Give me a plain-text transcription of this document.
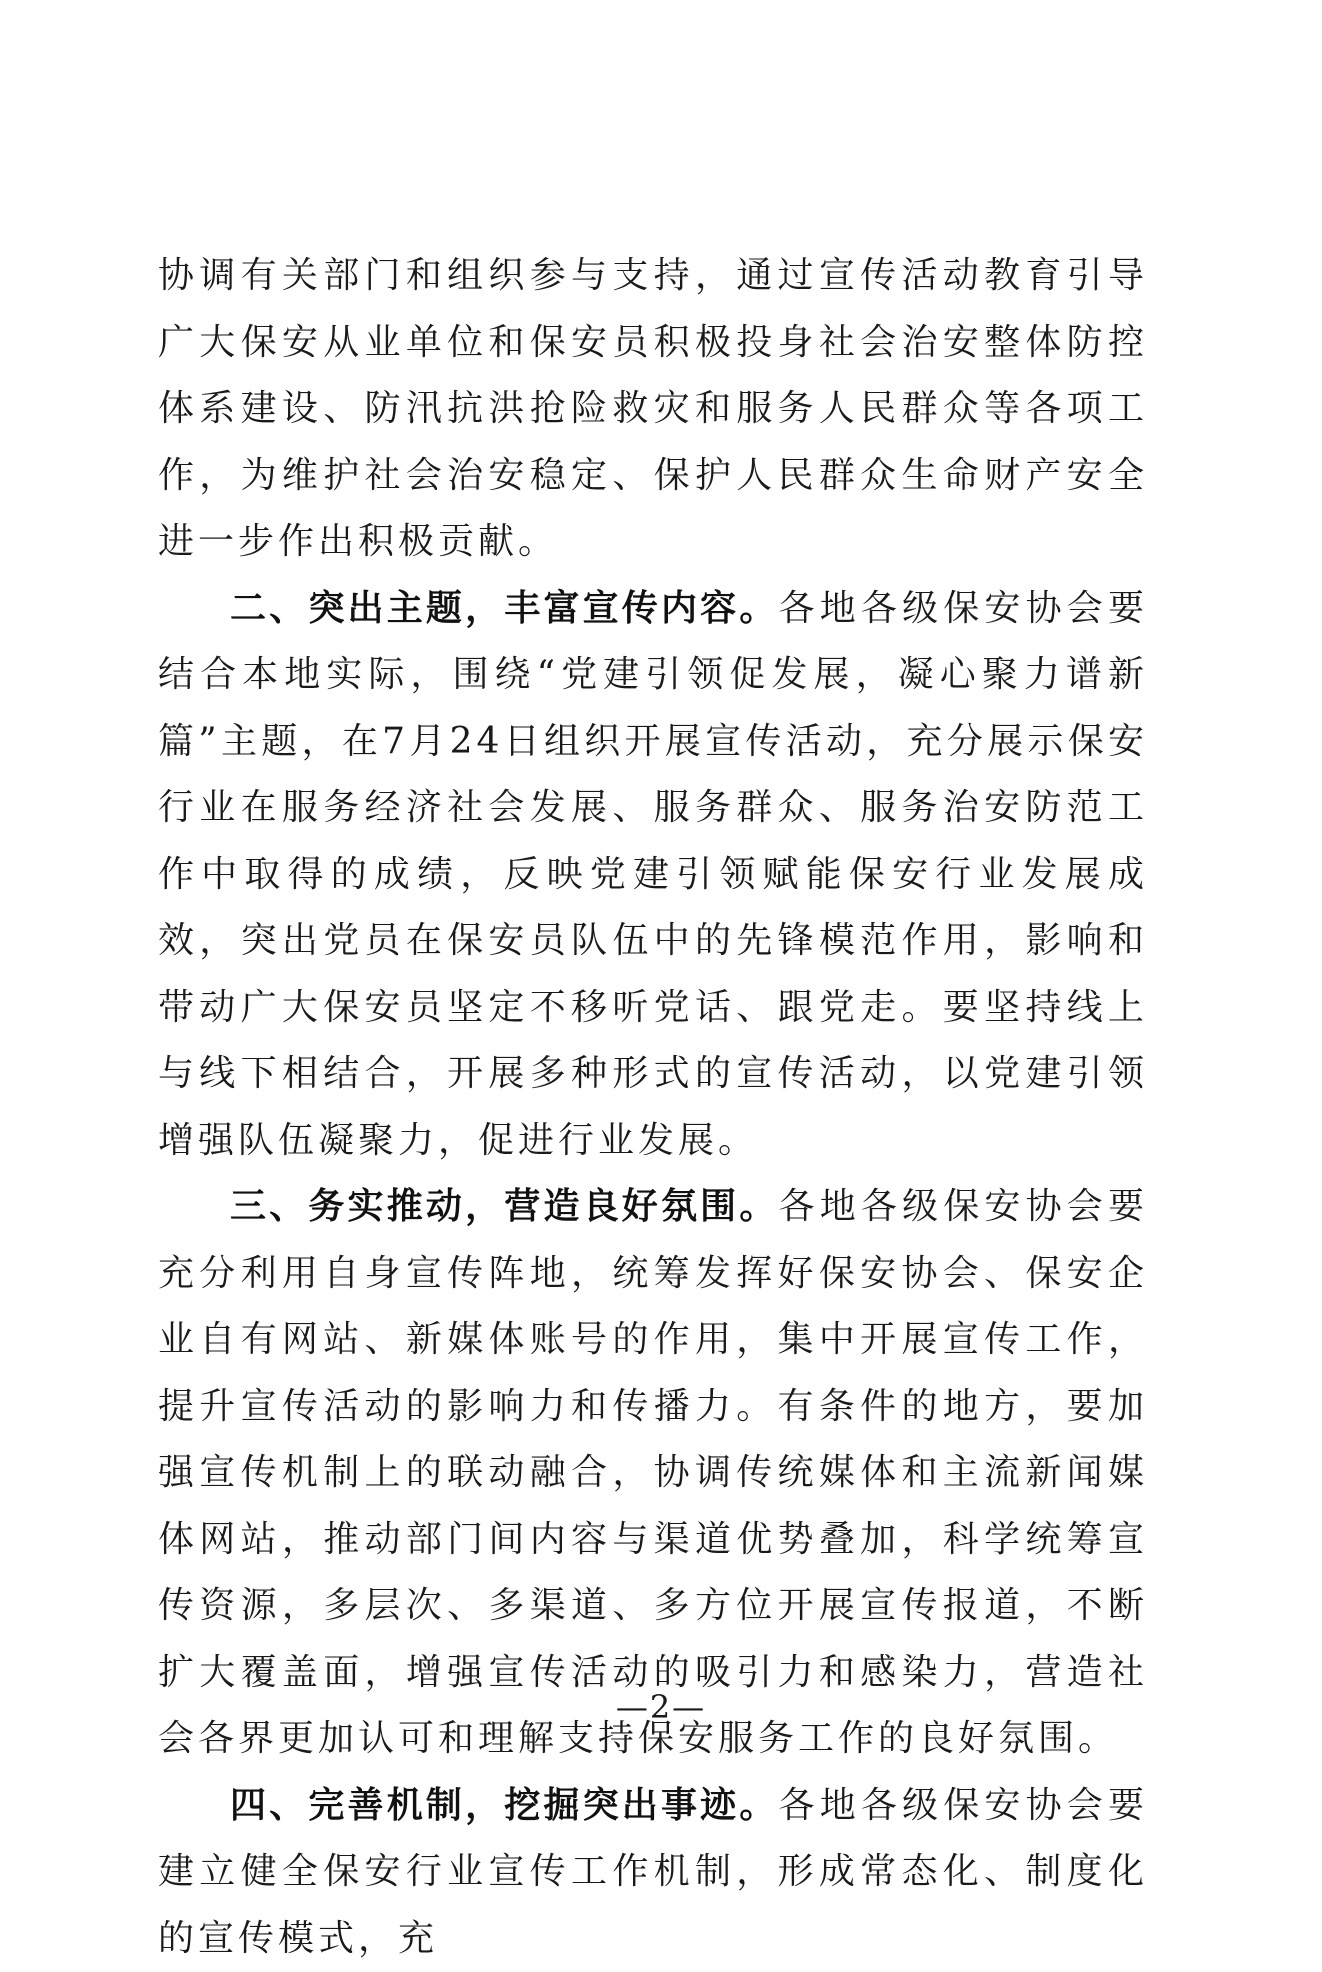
协调有关部门和组织参与支持，通过宣传活动教育引导广大保安从业单位和保安员积极投身社会治安整体防控体系建设、防汛抗洪抢险救灾和服务人民群众等各项工作，为维护社会治安稳定、保护人民群众生命财产安全进一步作出积极贡献。

二、突出主题，丰富宣传内容。各地各级保安协会要结合本地实际，围绕“党建引领促发展，凝心聚力谱新篇”主题，在7月24日组织开展宣传活动，充分展示保安行业在服务经济社会发展、服务群众、服务治安防范工作中取得的成绩，反映党建引领赋能保安行业发展成效，突出党员在保安员队伍中的先锋模范作用，影响和带动广大保安员坚定不移听党话、跟党走。要坚持线上与线下相结合，开展多种形式的宣传活动，以党建引领增强队伍凝聚力，促进行业发展。

三、务实推动，营造良好氛围。各地各级保安协会要充分利用自身宣传阵地，统筹发挥好保安协会、保安企业自有网站、新媒体账号的作用，集中开展宣传工作，提升宣传活动的影响力和传播力。有条件的地方，要加强宣传机制上的联动融合，协调传统媒体和主流新闻媒体网站，推动部门间内容与渠道优势叠加，科学统筹宣传资源，多层次、多渠道、多方位开展宣传报道，不断扩大覆盖面，增强宣传活动的吸引力和感染力，营造社会各界更加认可和理解支持保安服务工作的良好氛围。

四、完善机制，挖掘突出事迹。各地各级保安协会要建立健全保安行业宣传工作机制，形成常态化、制度化的宣传模式，充

—2—
